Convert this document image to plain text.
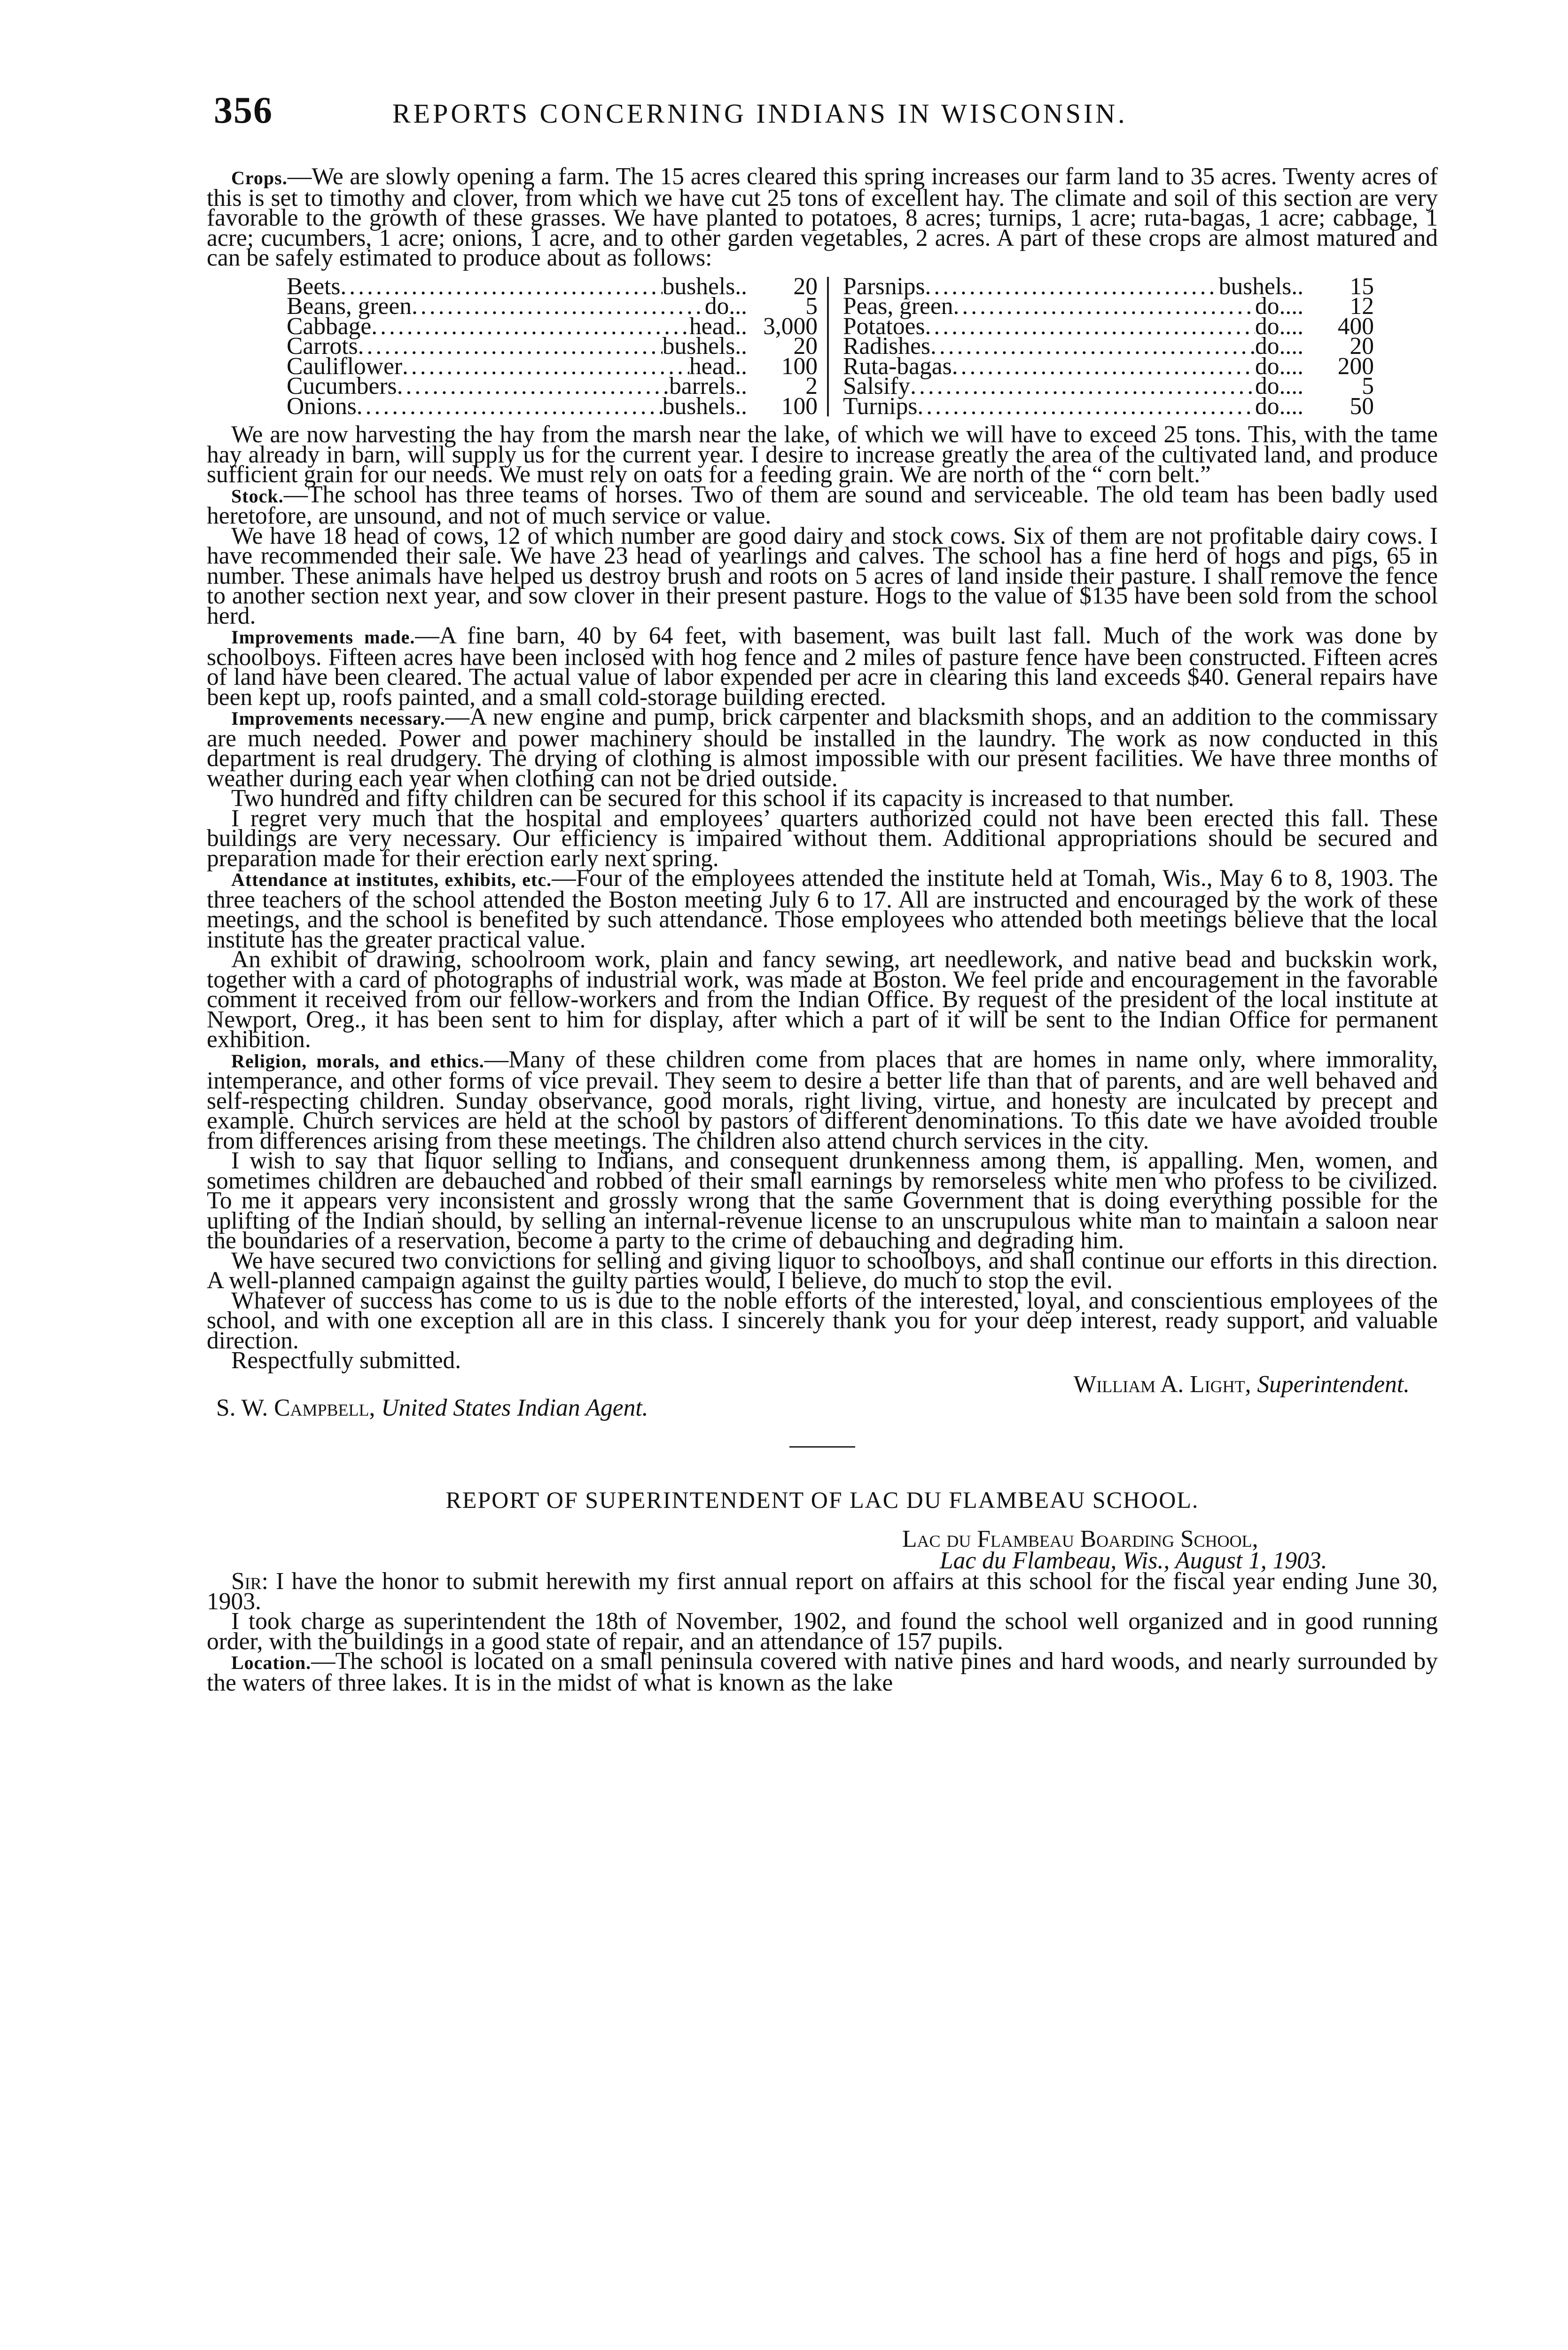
356	REPORTS CONCERNING INDIANS IN WISCONSIN.

Crops.—We are slowly opening a farm. The 15 acres cleared this spring increases our farm land to 35 acres. Twenty acres of this is set to timothy and clover, from which we have cut 25 tons of excellent hay. The climate and soil of this section are very favorable to the growth of these grasses. We have planted to potatoes, 8 acres; turnips, 1 acre; ruta-bagas, 1 acre; cabbage, 1 acre; cucumbers, 1 acre; onions, 1 acre, and to other garden vegetables, 2 acres. A part of these crops are almost matured and can be safely estimated to produce about as follows:

Beets .....	bushels..	20
Beans, green .....	do...	5
Cabbage .....	head.. 3,000
Carrots .....	bushels..	20
Cauliflower .....	head..	100
Cucumbers .....	barrels..	2
Onions .....	bushels..	100
Parsnips .....	bushels..	15
Peas, green .....	do....	12
Potatoes .....	do....	400
Radishes .....	do....	20
Ruta-bagas .....	do....	200
Salsify .....	do....	5
Turnips .....	do....	50

We are now harvesting the hay from the marsh near the lake, of which we will have to exceed 25 tons. This, with the tame hay already in barn, will supply us for the current year. I desire to increase greatly the area of the cultivated land, and produce sufficient grain for our needs. We must rely on oats for a feeding grain. We are north of the “ corn belt.”

Stock.—The school has three teams of horses. Two of them are sound and serviceable. The old team has been badly used heretofore, are unsound, and not of much service or value.

We have 18 head of cows, 12 of which number are good dairy and stock cows. Six of them are not profitable dairy cows. I have recommended their sale. We have 23 head of yearlings and calves. The school has a fine herd of hogs and pigs, 65 in number. These animals have helped us destroy brush and roots on 5 acres of land inside their pasture. I shall remove the fence to another section next year, and sow clover in their present pasture. Hogs to the value of $135 have been sold from the school herd.

Improvements made.—A fine barn, 40 by 64 feet, with basement, was built last fall. Much of the work was done by schoolboys. Fifteen acres have been inclosed with hog fence and 2 miles of pasture fence have been constructed. Fifteen acres of land have been cleared. The actual value of labor expended per acre in clearing this land exceeds $40. General repairs have been kept up, roofs painted, and a small cold-storage building erected.

Improvements necessary.—A new engine and pump, brick carpenter and blacksmith shops, and an addition to the commissary are much needed. Power and power machinery should be installed in the laundry. The work as now conducted in this department is real drudgery. The drying of clothing is almost impossible with our present facilities. We have three months of weather during each year when clothing can not be dried outside.

Two hundred and fifty children can be secured for this school if its capacity is increased to that number.

I regret very much that the hospital and employees’ quarters authorized could not have been erected this fall. These buildings are very necessary. Our efficiency is impaired without them. Additional appropriations should be secured and preparation made for their erection early next spring.

Attendance at institutes, exhibits, etc.—Four of the employees attended the institute held at Tomah, Wis., May 6 to 8, 1903. The three teachers of the school attended the Boston meeting July 6 to 17. All are instructed and encouraged by the work of these meetings, and the school is benefited by such attendance. Those employees who attended both meetings believe that the local institute has the greater practical value.

An exhibit of drawing, schoolroom work, plain and fancy sewing, art needlework, and native bead and buckskin work, together with a card of photographs of industrial work, was made at Boston. We feel pride and encouragement in the favorable comment it received from our fellow-workers and from the Indian Office. By request of the president of the local institute at Newport, Oreg., it has been sent to him for display, after which a part of it will be sent to the Indian Office for permanent exhibition.

Religion, morals, and ethics.—Many of these children come from places that are homes in name only, where immorality, intemperance, and other forms of vice prevail. They seem to desire a better life than that of parents, and are well behaved and self-respecting children. Sunday observance, good morals, right living, virtue, and honesty are inculcated by precept and example. Church services are held at the school by pastors of different denominations. To this date we have avoided trouble from differences arising from these meetings. The children also attend church services in the city.

I wish to say that liquor selling to Indians, and consequent drunkenness among them, is appalling. Men, women, and sometimes children are debauched and robbed of their small earnings by remorseless white men who profess to be civilized. To me it appears very inconsistent and grossly wrong that the same Government that is doing everything possible for the uplifting of the Indian should, by selling an internal-revenue license to an unscrupulous white man to maintain a saloon near the boundaries of a reservation, become a party to the crime of debauching and degrading him.

We have secured two convictions for selling and giving liquor to schoolboys, and shall continue our efforts in this direction. A well-planned campaign against the guilty parties would, I believe, do much to stop the evil.

Whatever of success has come to us is due to the noble efforts of the interested, loyal, and conscientious employees of the school, and with one exception all are in this class. I sincerely thank you for your deep interest, ready support, and valuable direction.

Respectfully submitted.

William A. Light, Superintendent.
S. W. Campbell, United States Indian Agent.
REPORT OF SUPERINTENDENT OF LAC DU FLAMBEAU SCHOOL.
Lac du Flambeau Boarding School,
Lac du Flambeau, Wis., August 1, 1903.

Sir: I have the honor to submit herewith my first annual report on affairs at this school for the fiscal year ending June 30, 1903.

I took charge as superintendent the 18th of November, 1902, and found the school well organized and in good running order, with the buildings in a good state of repair, and an attendance of 157 pupils.

Location.—The school is located on a small peninsula covered with native pines and hard woods, and nearly surrounded by the waters of three lakes. It is in the midst of what is known as the lake
